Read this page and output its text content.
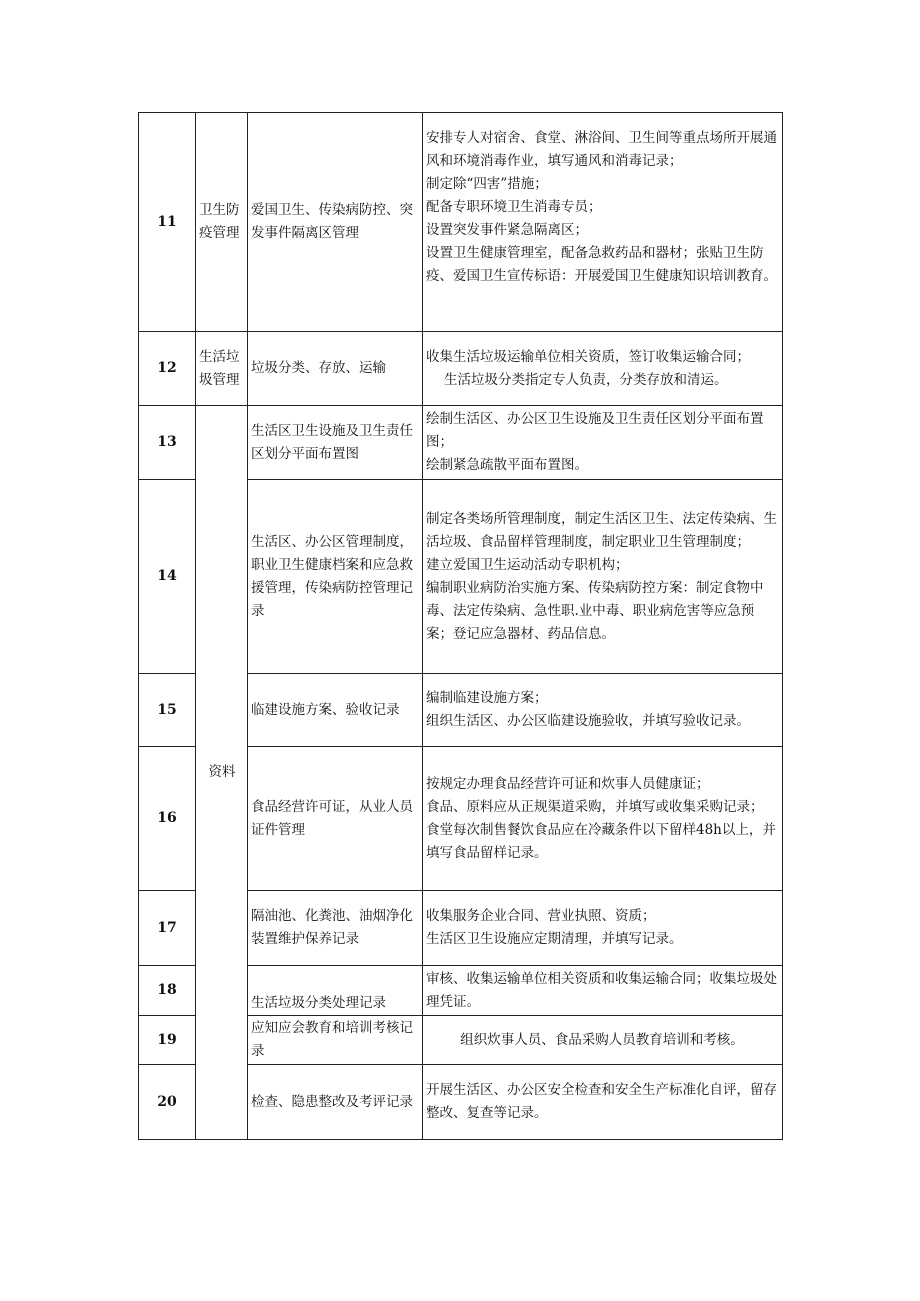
11	卫生防疫管理	爱国卫生、传染病防控、突发事件隔离区管理	安排专人对宿舍、食堂、淋浴间、卫生间等重点场所开展通风和环境消毒作业，填写通风和消毒记录；
制定除“四害”措施；
配备专职环境卫生消毒专员；
设置突发事件紧急隔离区；
设置卫生健康管理室，配备急救药品和器材；张贴卫生防疫、爱国卫生宣传标语：开展爱国卫生健康知识培训教育。

12	生活垃圾管理	垃圾分类、存放、运输	收集生活垃圾运输单位相关资质，签订收集运输合同；
生活垃圾分类指定专人负责，分类存放和清运。

13	资料	生活区卫生设施及卫生责任区划分平面布置图	绘制生活区、办公区卫生设施及卫生责任区划分平面布置图；
绘制紧急疏散平面布置图。

14		生活区、办公区管理制度，职业卫生健康档案和应急救援管理，传染病防控管理记录	制定各类场所管理制度，制定生活区卫生、法定传染病、生活垃圾、食品留样管理制度，制定职业卫生管理制度；
建立爱国卫生运动活动专职机构；
编制职业病防治实施方案、传染病防控方案：制定食物中毒、法定传染病、急性职.业中毒、职业病危害等应急预案；登记应急器材、药品信息。

15		临建设施方案、验收记录	编制临建设施方案；
组织生活区、办公区临建设施验收，并填写验收记录。

16		食品经营许可证，从业人员证件管理	按规定办理食品经营许可证和炊事人员健康证；
食品、原料应从正规渠道采购，并填写或收集采购记录；
食堂每次制售餐饮食品应在冷藏条件以下留样48h以上，并填写食品留样记录。

17		隔油池、化粪池、油烟净化装置维护保养记录	收集服务企业合同、营业执照、资质；
生活区卫生设施应定期清理，并填写记录。

18		生活垃圾分类处理记录	审核、收集运输单位相关资质和收集运输合同；收集垃圾处理凭证。

19		应知应会教育和培训考核记录	组织炊事人员、食品采购人员教育培训和考核。

20		检查、隐患整改及考评记录	开展生活区、办公区安全检查和安全生产标准化自评，留存整改、复查等记录。
